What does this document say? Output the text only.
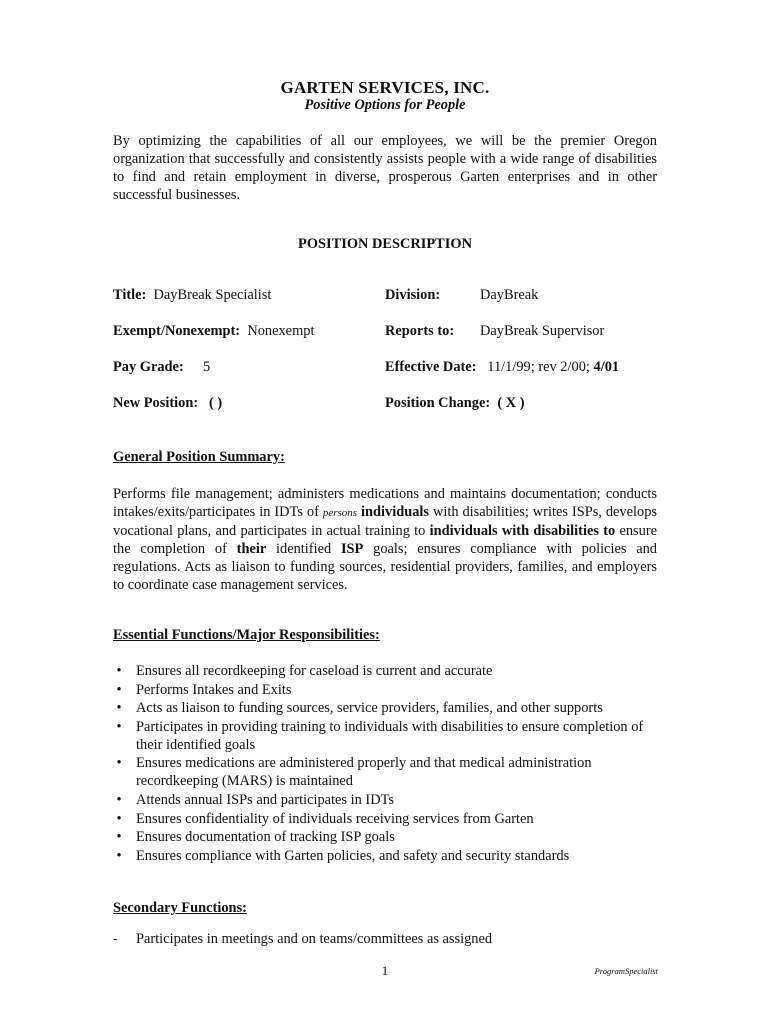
GARTEN SERVICES, INC.
Positive Options for People
By optimizing the capabilities of all our employees, we will be the premier Oregon organization that successfully and consistently assists people with a wide range of disabilities to find and retain employment in diverse, prosperous Garten enterprises and in other successful businesses.
POSITION DESCRIPTION
Title: DayBreak Specialist	Division:	DayBreak
Exempt/Nonexempt: Nonexempt	Reports to: DayBreak Supervisor
Pay Grade: 5	Effective Date: 11/1/99; rev 2/00; 4/01
New Position: ( )	Position Change: ( X )
General Position Summary:
Performs file management; administers medications and maintains documentation; conducts intakes/exits/participates in IDTs of persons individuals with disabilities; writes ISPs, develops vocational plans, and participates in actual training to individuals with disabilities to ensure the completion of their identified ISP goals; ensures compliance with policies and regulations. Acts as liaison to funding sources, residential providers, families, and employers to coordinate case management services.
Essential Functions/Major Responsibilities:
• Ensures all recordkeeping for caseload is current and accurate
• Performs Intakes and Exits
• Acts as liaison to funding sources, service providers, families, and other supports
• Participates in providing training to individuals with disabilities to ensure completion of their identified goals
• Ensures medications are administered properly and that medical administration recordkeeping (MARS) is maintained
• Attends annual ISPs and participates in IDTs
• Ensures confidentiality of individuals receiving services from Garten
• Ensures documentation of tracking ISP goals
• Ensures compliance with Garten policies, and safety and security standards
Secondary Functions:
- Participates in meetings and on teams/committees as assigned
1	ProgramSpecialist
